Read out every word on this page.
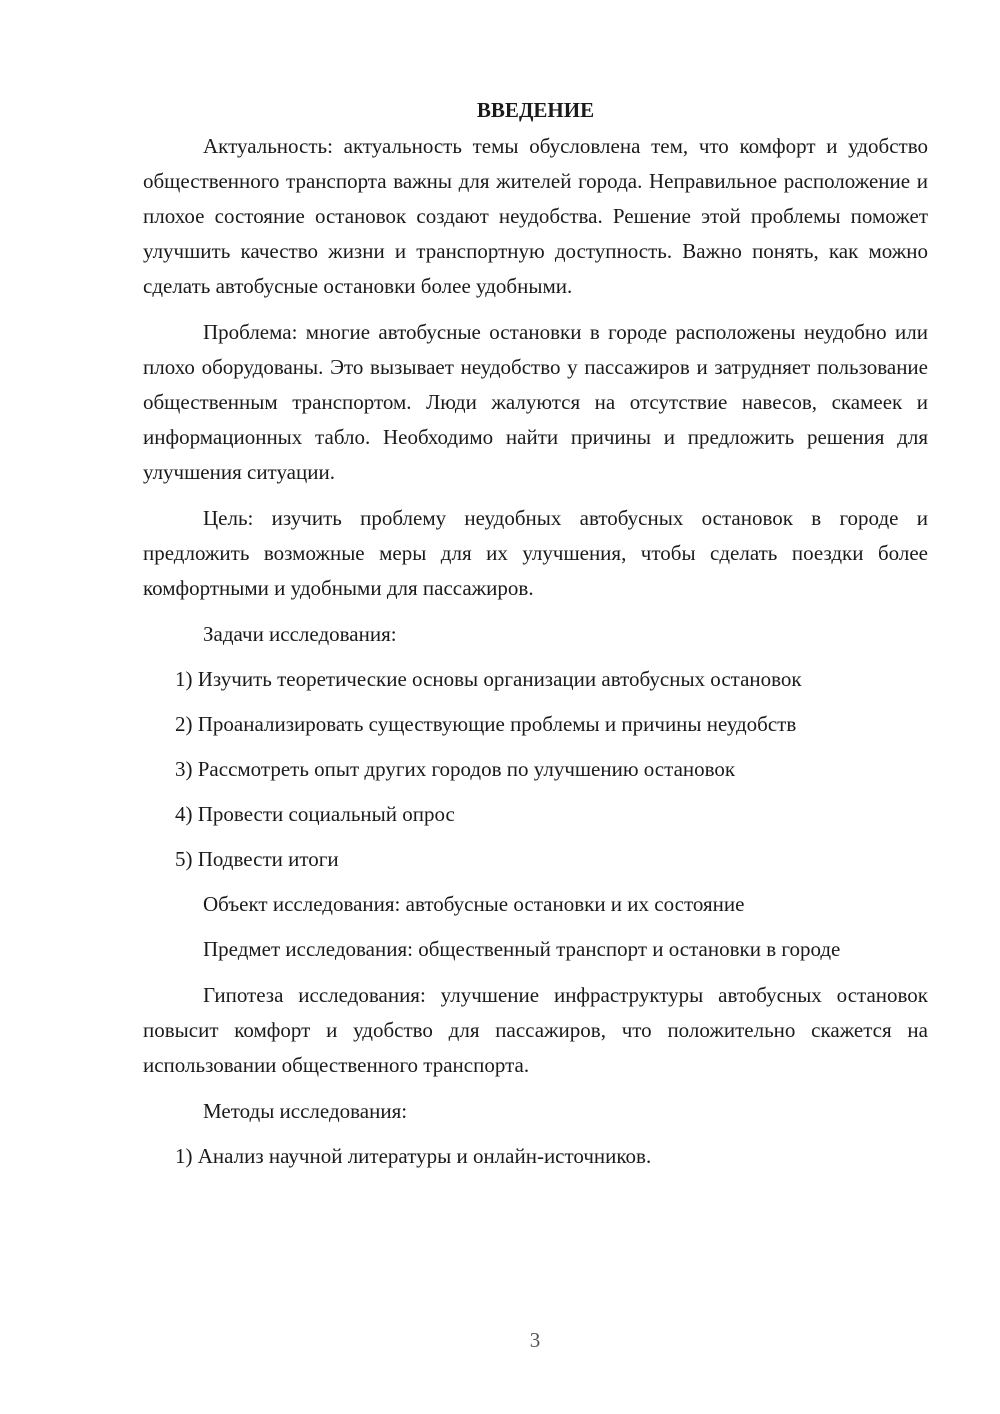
ВВЕДЕНИЕ

Актуальность: актуальность темы обусловлена тем, что комфорт и удобство общественного транспорта важны для жителей города. Неправильное расположение и плохое состояние остановок создают неудобства. Решение этой проблемы поможет улучшить качество жизни и транспортную доступность. Важно понять, как можно сделать автобусные остановки более удобными.

Проблема: многие автобусные остановки в городе расположены неудобно или плохо оборудованы. Это вызывает неудобство у пассажиров и затрудняет пользование общественным транспортом. Люди жалуются на отсутствие навесов, скамеек и информационных табло. Необходимо найти причины и предложить решения для улучшения ситуации.

Цель: изучить проблему неудобных автобусных остановок в городе и предложить возможные меры для их улучшения, чтобы сделать поездки более комфортными и удобными для пассажиров.

Задачи исследования:

1) Изучить теоретические основы организации автобусных остановок

2) Проанализировать существующие проблемы и причины неудобств

3) Рассмотреть опыт других городов по улучшению остановок

4) Провести социальный опрос

5) Подвести итоги

Объект исследования: автобусные остановки и их состояние

Предмет исследования: общественный транспорт и остановки в городе

Гипотеза исследования: улучшение инфраструктуры автобусных остановок повысит комфорт и удобство для пассажиров, что положительно скажется на использовании общественного транспорта.

Методы исследования:

1) Анализ научной литературы и онлайн-источников.

3
